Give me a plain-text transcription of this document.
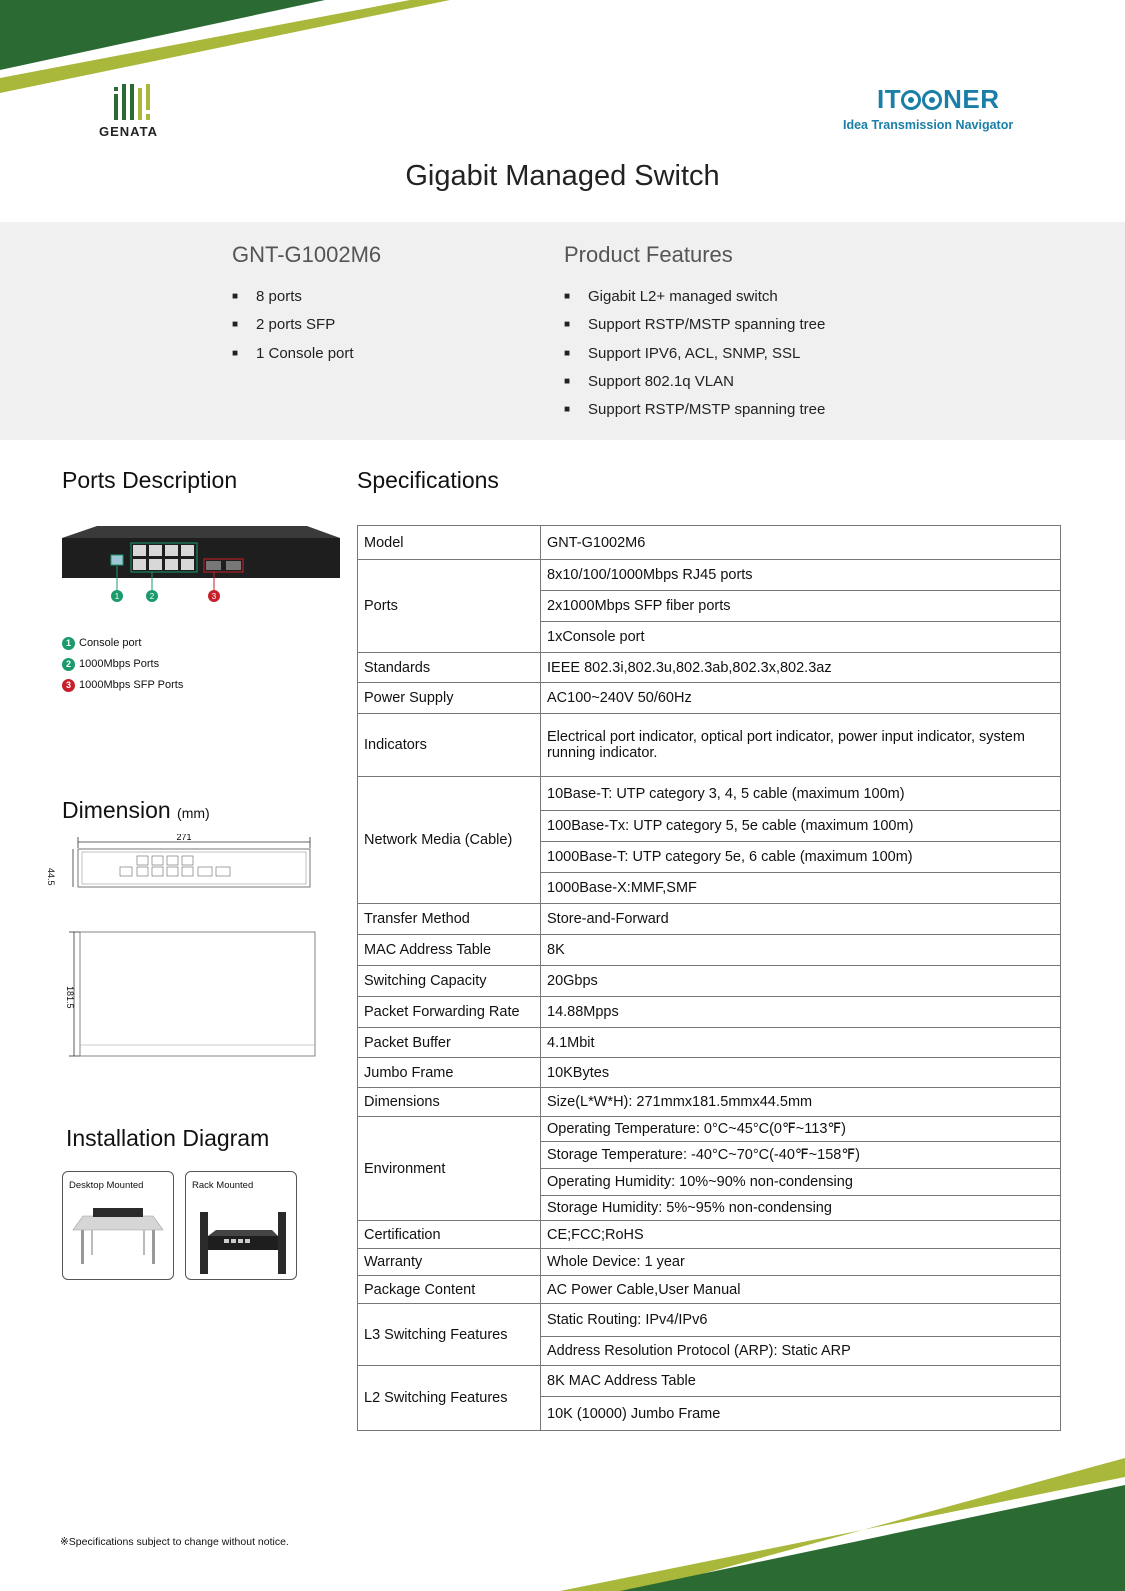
GENATA
IT NER
Idea Transmission Navigator
Gigabit Managed Switch
GNT-G1002M6
■ 8 ports
■ 2 ports SFP
■ 1 Console port
Product Features
■ Gigabit L2+ managed switch
■ Support RSTP/MSTP spanning tree
■ Support IPV6, ACL, SNMP, SSL
■ Support 802.1q VLAN
■ Support RSTP/MSTP spanning tree
Ports Description
1	2	3
1 Console port
2 1000Mbps Ports
3 1000Mbps SFP Ports
Dimension (mm)
271
44.5
181.5
Installation Diagram
Desktop Mounted	Rack Mounted
Specifications
Model	GNT-G1002M6
Ports	8x10/100/1000Mbps RJ45 ports
	2x1000Mbps SFP fiber ports
	1xConsole port
Standards	IEEE 802.3i,802.3u,802.3ab,802.3x,802.3az
Power Supply	AC100~240V 50/60Hz
Indicators	Electrical port indicator, optical port indicator, power input indicator, system running indicator.
Network Media (Cable)	10Base-T: UTP category 3, 4, 5 cable (maximum 100m)
	100Base-Tx: UTP category 5, 5e cable (maximum 100m)
	1000Base-T: UTP category 5e, 6 cable (maximum 100m)
	1000Base-X:MMF,SMF
Transfer Method	Store-and-Forward
MAC Address Table	8K
Switching Capacity	20Gbps
Packet Forwarding Rate	14.88Mpps
Packet Buffer	4.1Mbit
Jumbo Frame	10KBytes
Dimensions	Size(L*W*H): 271mmx181.5mmx44.5mm
Environment	Operating Temperature: 0°C~45°C(0℉~113℉)
	Storage Temperature: -40°C~70°C(-40℉~158℉)
	Operating Humidity: 10%~90% non-condensing
	Storage Humidity: 5%~95% non-condensing
Certification	CE;FCC;RoHS
Warranty	Whole Device: 1 year
Package Content	AC Power Cable,User Manual
L3 Switching Features	Static Routing: IPv4/IPv6
	Address Resolution Protocol (ARP): Static ARP
L2 Switching Features	8K MAC Address Table
	10K (10000) Jumbo Frame
※Specifications subject to change without notice.
